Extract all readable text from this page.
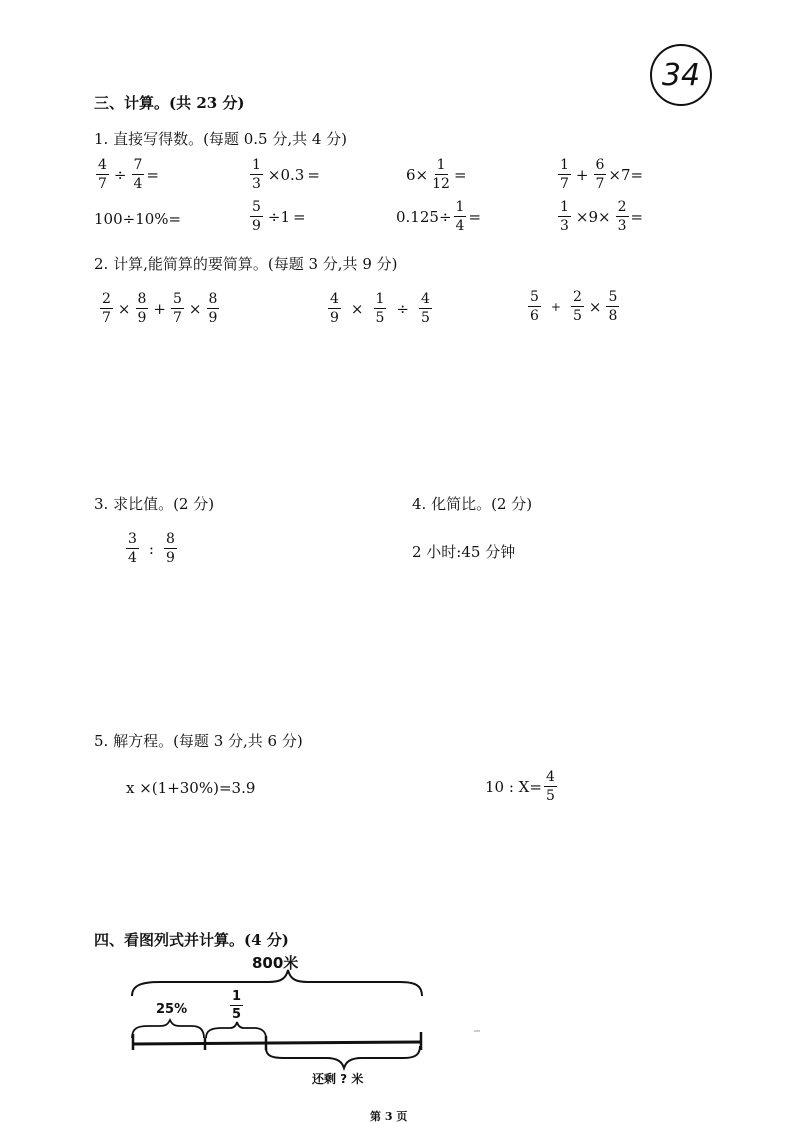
34
三、计算。(共 23 分)
1. 直接写得数。(每题 0.5 分,共 4 分)
$\frac{4}{7} \div \frac{7}{4}$ =	$\frac{1}{3} \times 0.3$ =	$6\times \frac{1}{12}$ =	$\frac{1}{7} + \frac{6}{7} \times 7$ =
100÷10% =	$\frac{5}{9} \div 1$ =	$0.125\div \frac{1}{4}$ =	$\frac{1}{3} \times 9\times \frac{2}{3}$ =
2. 计算,能简算的要简算。(每题 3 分,共 9 分)
$\frac{2}{7} \times \frac{8}{9} + \frac{5}{7} \times \frac{8}{9}$	$\frac{4}{9} \times \frac{1}{5} \div \frac{4}{5}$	$\frac{5}{6} + \frac{2}{5} \times \frac{5}{8}$
3. 求比值。(2 分)
$\frac{3}{4}$ : $\frac{8}{9}$
4. 化简比。(2 分)
2 小时:45 分钟
5. 解方程。(每题 3 分,共 6 分)
x ×(1+30%)=3.9	10 : $X= \frac{4}{5}$
四、看图列式并计算。(4 分)
800米
25%	$\frac{1}{5}$
还剩 ? 米
第 3 页
